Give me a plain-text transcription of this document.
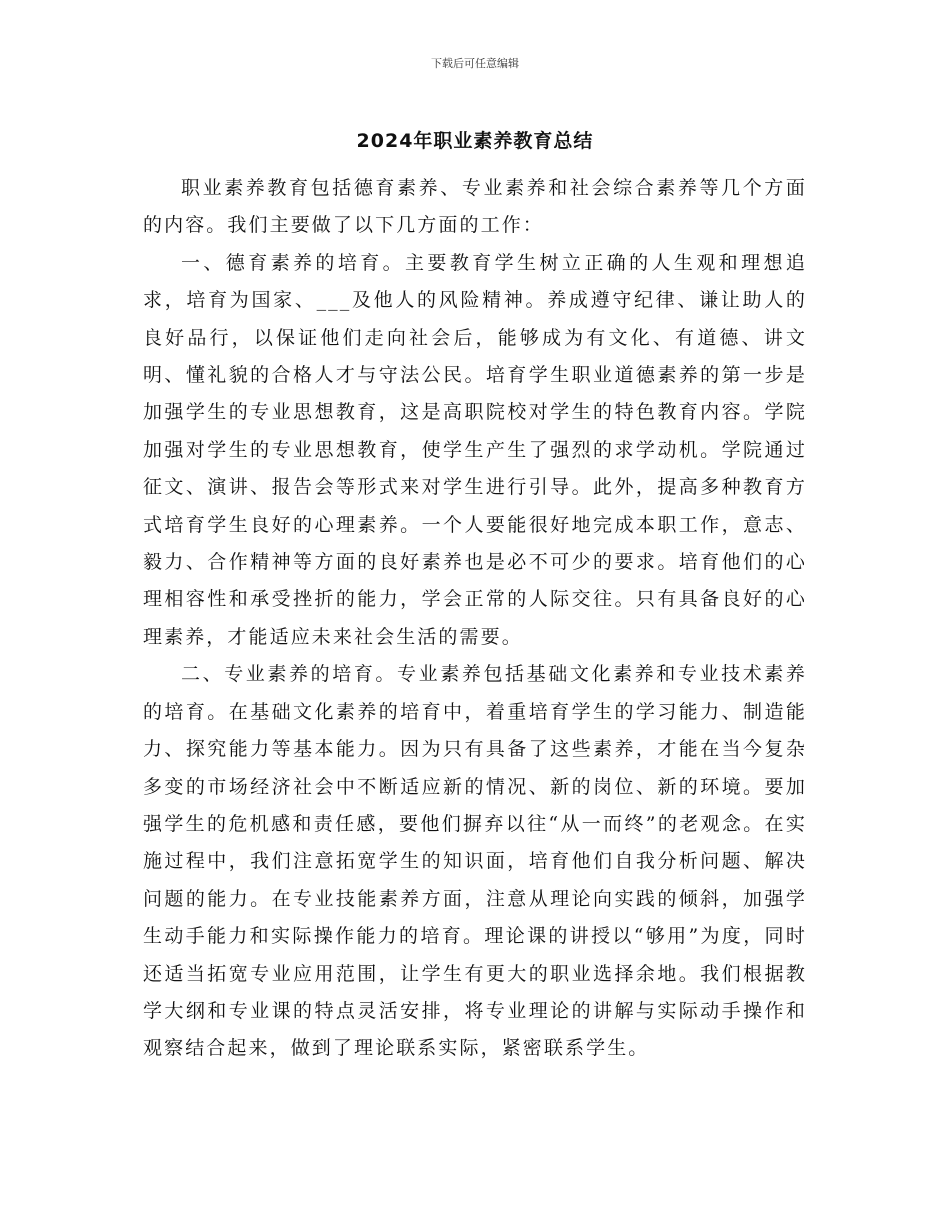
下载后可任意编辑
2024年职业素养教育总结

职业素养教育包括德育素养、专业素养和社会综合素养等几个方面的内容。我们主要做了以下几方面的工作：

一、德育素养的培育。主要教育学生树立正确的人生观和理想追求，培育为国家、___及他人的风险精神。养成遵守纪律、谦让助人的良好品行，以保证他们走向社会后，能够成为有文化、有道德、讲文明、懂礼貌的合格人才与守法公民。培育学生职业道德素养的第一步是加强学生的专业思想教育，这是高职院校对学生的特色教育内容。学院加强对学生的专业思想教育，使学生产生了强烈的求学动机。学院通过征文、演讲、报告会等形式来对学生进行引导。此外，提高多种教育方式培育学生良好的心理素养。一个人要能很好地完成本职工作，意志、毅力、合作精神等方面的良好素养也是必不可少的要求。培育他们的心理相容性和承受挫折的能力，学会正常的人际交往。只有具备良好的心理素养，才能适应未来社会生活的需要。

二、专业素养的培育。专业素养包括基础文化素养和专业技术素养的培育。在基础文化素养的培育中，着重培育学生的学习能力、制造能力、探究能力等基本能力。因为只有具备了这些素养，才能在当今复杂多变的市场经济社会中不断适应新的情况、新的岗位、新的环境。要加强学生的危机感和责任感，要他们摒弃以往“从一而终”的老观念。在实施过程中，我们注意拓宽学生的知识面，培育他们自我分析问题、解决问题的能力。在专业技能素养方面，注意从理论向实践的倾斜，加强学生动手能力和实际操作能力的培育。理论课的讲授以“够用”为度，同时还适当拓宽专业应用范围，让学生有更大的职业选择余地。我们根据教学大纲和专业课的特点灵活安排，将专业理论的讲解与实际动手操作和观察结合起来，做到了理论联系实际，紧密联系学生。
